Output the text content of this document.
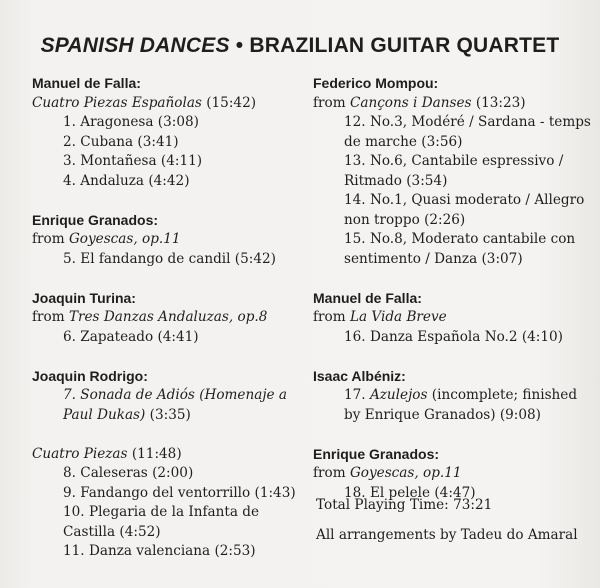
SPANISH DANCES • BRAZILIAN GUITAR QUARTET
Manuel de Falla:
Cuatro Piezas Españolas (15:42)
1. Aragonesa (3:08)
2. Cubana (3:41)
3. Montañesa (4:11)
4. Andaluza (4:42)
Enrique Granados:
from Goyescas, op.11
5. El fandango de candil (5:42)
Joaquin Turina:
from Tres Danzas Andaluzas, op.8
6. Zapateado (4:41)
Joaquin Rodrigo:
7. Sonada de Adiós (Homenaje a
Paul Dukas) (3:35)
Cuatro Piezas (11:48)
8. Caleseras (2:00)
9. Fandango del ventorrillo (1:43)
10. Plegaria de la Infanta de
Castilla (4:52)
11. Danza valenciana (2:53)
Federico Mompou:
from Cançons i Danses (13:23)
12. No.3, Modéré / Sardana - temps
de marche (3:56)
13. No.6, Cantabile espressivo /
Ritmado (3:54)
14. No.1, Quasi moderato / Allegro
non troppo (2:26)
15. No.8, Moderato cantabile con
sentimento / Danza (3:07)
Manuel de Falla:
from La Vida Breve
16. Danza Española No.2 (4:10)
Isaac Albéniz:
17. Azulejos (incomplete; finished
by Enrique Granados) (9:08)
Enrique Granados:
from Goyescas, op.11
18. El pelele (4:47)
Total Playing Time: 73:21
All arrangements by Tadeu do Amaral
